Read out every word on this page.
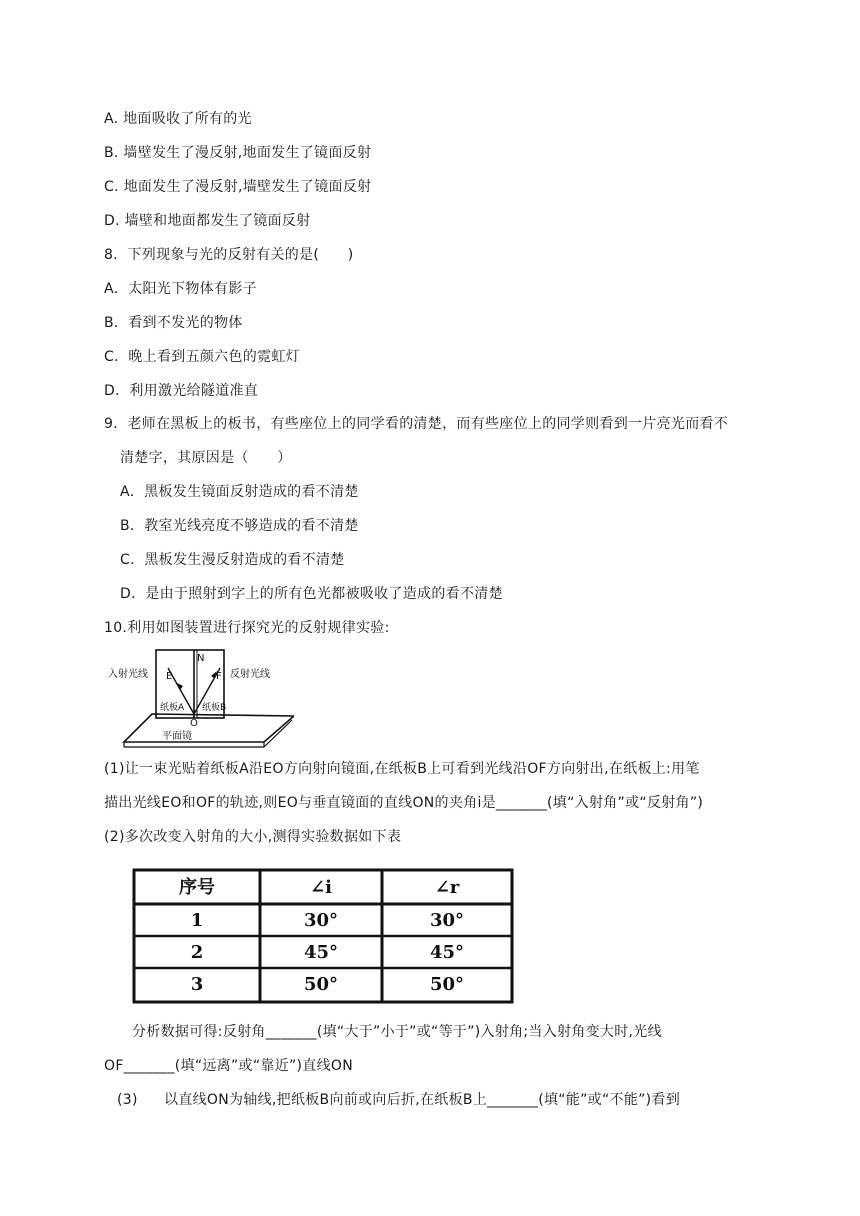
A. 地面吸收了所有的光
B. 墙壁发生了漫反射,地面发生了镜面反射
C. 地面发生了漫反射,墙壁发生了镜面反射
D. 墙壁和地面都发生了镜面反射
8．下列现象与光的反射有关的是(　　)
A．太阳光下物体有影子
B．看到不发光的物体
C．晚上看到五颜六色的霓虹灯
D．利用激光给隧道准直
9．老师在黑板上的板书，有些座位上的同学看的清楚，而有些座位上的同学则看到一片亮光而看不
清楚字，其原因是（　　）
A．黑板发生镜面反射造成的看不清楚
B．教室光线亮度不够造成的看不清楚
C．黑板发生漫反射造成的看不清楚
D．是由于照射到字上的所有色光都被吸收了造成的看不清楚
10.利用如图装置进行探究光的反射规律实验:
入射光线	反射光线
N
E	F
纸板A 纸板B
O
平面镜
(1)让一束光贴着纸板A沿EO方向射向镜面,在纸板B上可看到光线沿OF方向射出,在纸板上:用笔
描出光线EO和OF的轨迹,则EO与垂直镜面的直线ON的夹角i是_______(填“入射角”或“反射角”)
(2)多次改变入射角的大小,测得实验数据如下表
序号	∠i	∠r
1	30°	30°
2	45°	45°
3	50°	50°
分析数据可得:反射角_______(填“大于”小于”或“等于”)入射角;当入射角变大时,光线
OF_______(填“远离”或“靠近”)直线ON
(3) 以直线ON为轴线,把纸板B向前或向后折,在纸板B上_______(填“能”或“不能”)看到
